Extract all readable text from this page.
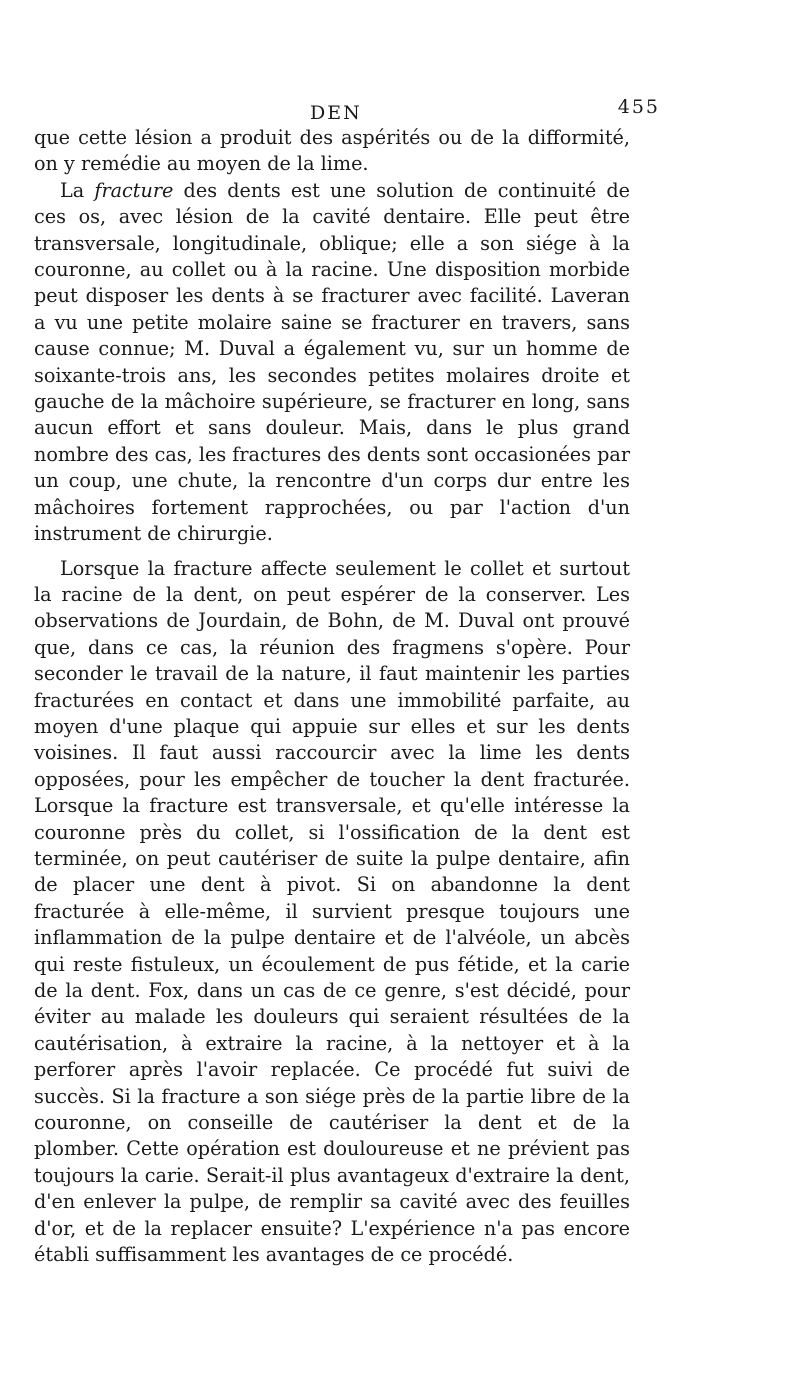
DEN	455

que cette lésion a produit des aspérités ou de la difformité, on y remédie au moyen de la lime.

La fracture des dents est une solution de continuité de ces os, avec lésion de la cavité dentaire. Elle peut être transversale, longitudinale, oblique; elle a son siége à la couronne, au collet ou à la racine. Une disposition morbide peut disposer les dents à se fracturer avec facilité. Laveran a vu une petite molaire saine se fracturer en travers, sans cause connue; M. Duval a également vu, sur un homme de soixante-trois ans, les secondes petites molaires droite et gauche de la mâchoire supérieure, se fracturer en long, sans aucun effort et sans douleur. Mais, dans le plus grand nombre des cas, les fractures des dents sont occasionées par un coup, une chute, la rencontre d'un corps dur entre les mâchoires fortement rapprochées, ou par l'action d'un instrument de chirurgie.

Lorsque la fracture affecte seulement le collet et surtout la racine de la dent, on peut espérer de la conserver. Les observations de Jourdain, de Bohn, de M. Duval ont prouvé que, dans ce cas, la réunion des fragmens s'opère. Pour seconder le travail de la nature, il faut maintenir les parties fracturées en contact et dans une immobilité parfaite, au moyen d'une plaque qui appuie sur elles et sur les dents voisines. Il faut aussi raccourcir avec la lime les dents opposées, pour les empêcher de toucher la dent fracturée. Lorsque la fracture est transversale, et qu'elle intéresse la couronne près du collet, si l'ossification de la dent est terminée, on peut cautériser de suite la pulpe dentaire, afin de placer une dent à pivot. Si on abandonne la dent fracturée à elle-même, il survient presque toujours une inflammation de la pulpe dentaire et de l'alvéole, un abcès qui reste fistuleux, un écoulement de pus fétide, et la carie de la dent. Fox, dans un cas de ce genre, s'est décidé, pour éviter au malade les douleurs qui seraient résultées de la cautérisation, à extraire la racine, à la nettoyer et à la perforer après l'avoir replacée. Ce procédé fut suivi de succès. Si la fracture a son siége près de la partie libre de la couronne, on conseille de cautériser la dent et de la plomber. Cette opération est douloureuse et ne prévient pas toujours la carie. Serait-il plus avantageux d'extraire la dent, d'en enlever la pulpe, de remplir sa cavité avec des feuilles d'or, et de la replacer ensuite? L'expérience n'a pas encore établi suffisamment les avantages de ce procédé.
